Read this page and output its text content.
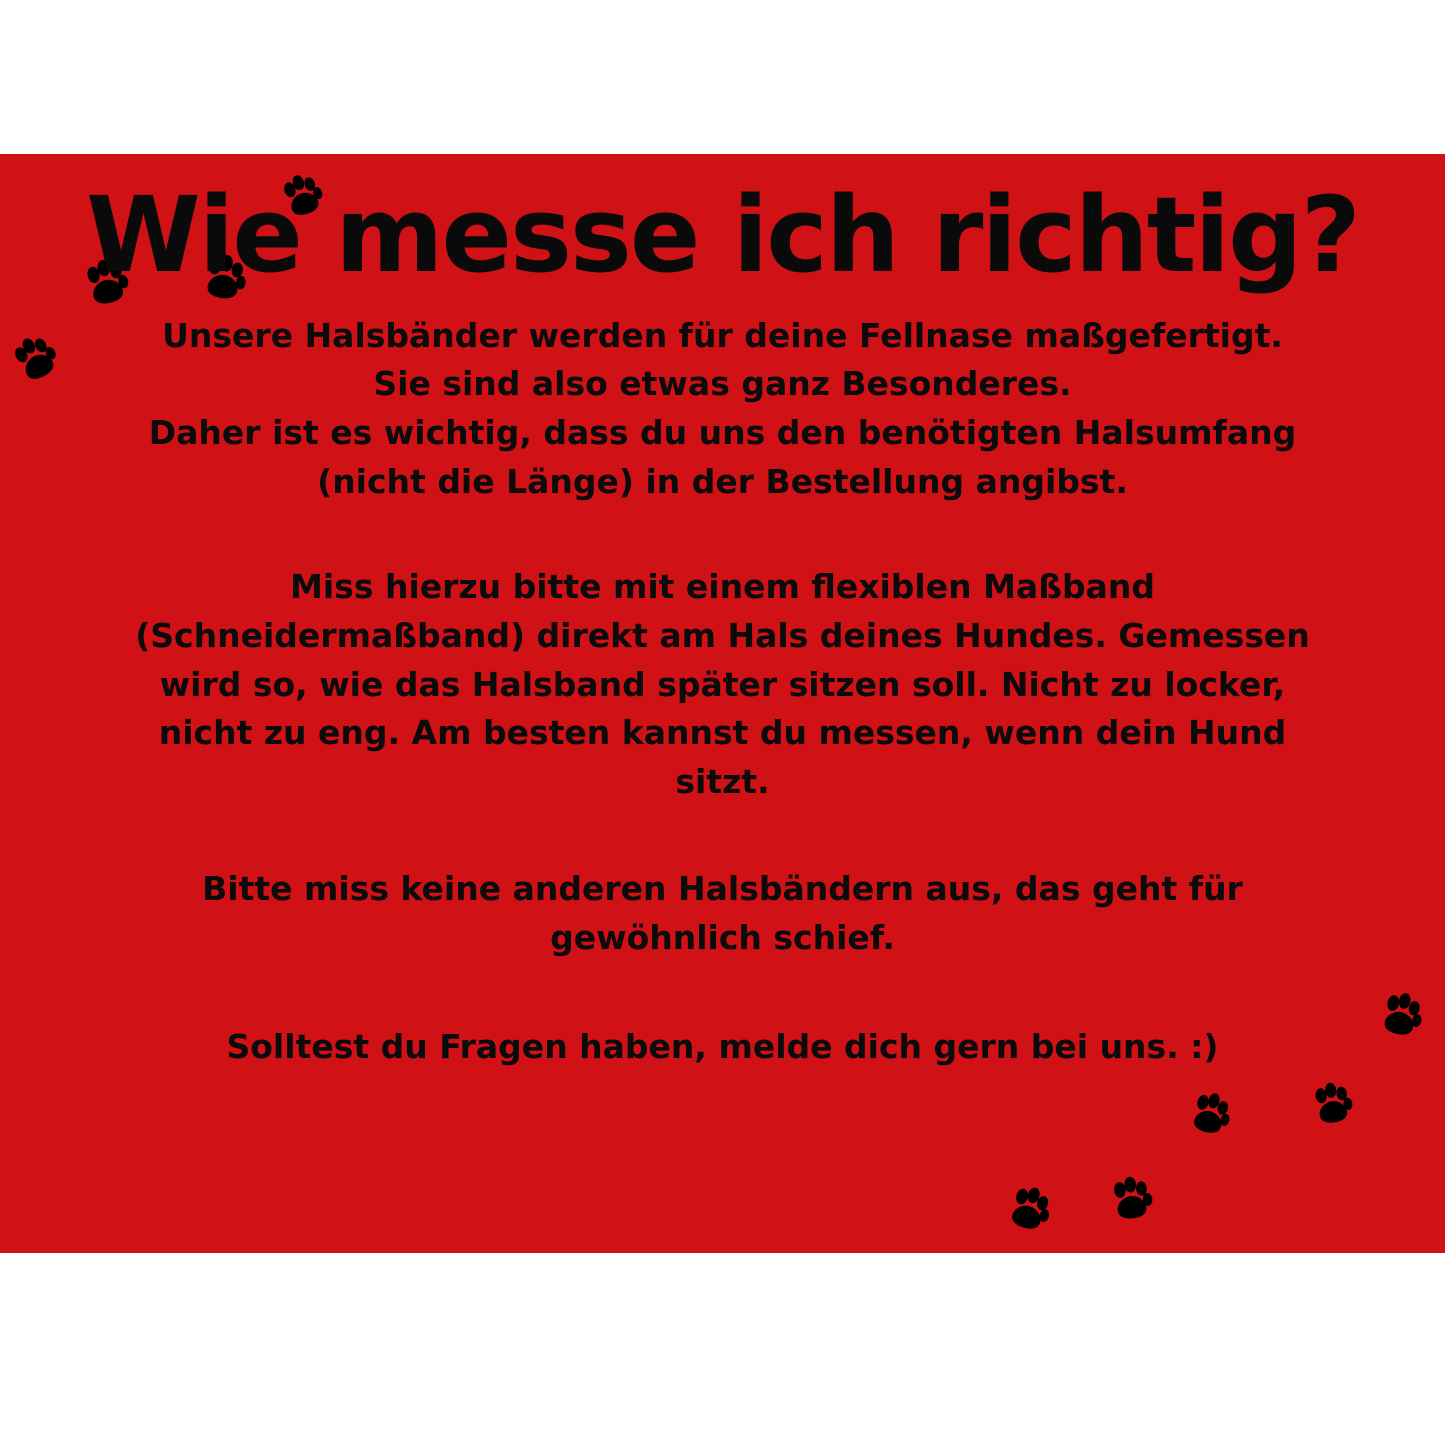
Wie messe ich richtig?
Unsere Halsbänder werden für deine Fellnase maßgefertigt.
Sie sind also etwas ganz Besonderes.
Daher ist es wichtig, dass du uns den benötigten Halsumfang
(nicht die Länge) in der Bestellung angibst.

Miss hierzu bitte mit einem flexiblen Maßband (Schneidermaßband) direkt am Hals deines Hundes. Gemessen wird so, wie das Halsband später sitzen soll. Nicht zu locker, nicht zu eng. Am besten kannst du messen, wenn dein Hund sitzt.

Bitte miss keine anderen Halsbändern aus, das geht für gewöhnlich schief.

Solltest du Fragen haben, melde dich gern bei uns. :)
